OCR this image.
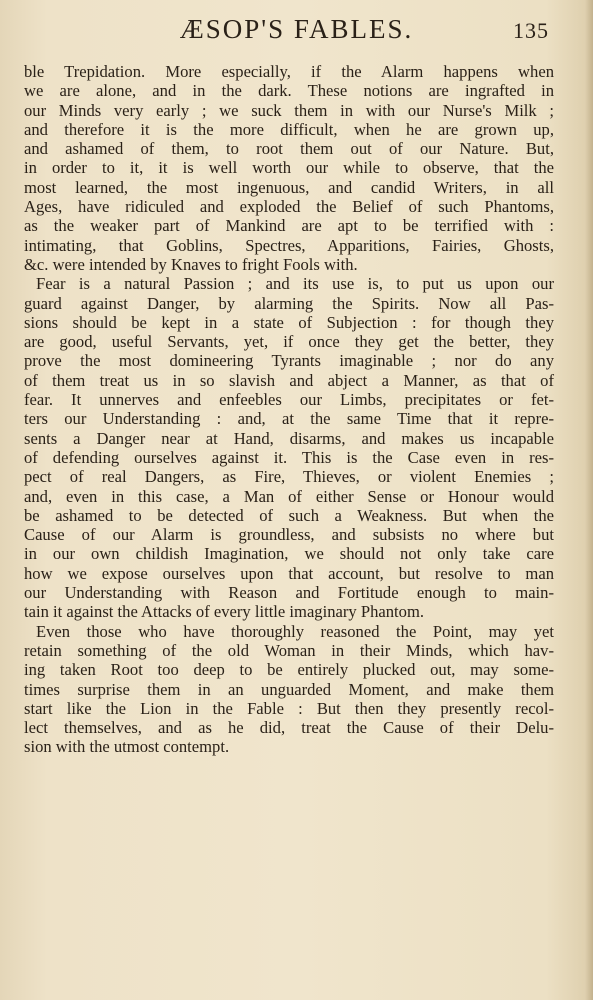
ÆSOP'S FABLES.	135
ble Trepidation. More especially, if the Alarm happens when
we are alone, and in the dark. These notions are ingrafted in
our Minds very early ; we suck them in with our Nurse's Milk ;
and therefore it is the more difficult, when he are grown up,
and ashamed of them, to root them out of our Nature. But,
in order to it, it is well worth our while to observe, that the
most learned, the most ingenuous, and candid Writers, in all
Ages, have ridiculed and exploded the Belief of such Phantoms,
as the weaker part of Mankind are apt to be terrified with :
intimating, that Goblins, Spectres, Apparitions, Fairies, Ghosts,
&c. were intended by Knaves to fright Fools with.
Fear is a natural Passion ; and its use is, to put us upon our
guard against Danger, by alarming the Spirits. Now all Pas-
sions should be kept in a state of Subjection : for though they
are good, useful Servants, yet, if once they get the better, they
prove the most domineering Tyrants imaginable ; nor do any
of them treat us in so slavish and abject a Manner, as that of
fear. It unnerves and enfeebles our Limbs, precipitates or fet-
ters our Understanding : and, at the same Time that it repre-
sents a Danger near at Hand, disarms, and makes us incapable
of defending ourselves against it. This is the Case even in res-
pect of real Dangers, as Fire, Thieves, or violent Enemies ;
and, even in this case, a Man of either Sense or Honour would
be ashamed to be detected of such a Weakness. But when the
Cause of our Alarm is groundless, and subsists no where but
in our own childish Imagination, we should not only take care
how we expose ourselves upon that account, but resolve to man
our Understanding with Reason and Fortitude enough to main-
tain it against the Attacks of every little imaginary Phantom.
Even those who have thoroughly reasoned the Point, may yet
retain something of the old Woman in their Minds, which hav-
ing taken Root too deep to be entirely plucked out, may some-
times surprise them in an unguarded Moment, and make them
start like the Lion in the Fable : But then they presently recol-
lect themselves, and as he did, treat the Cause of their Delu-
sion with the utmost contempt.
